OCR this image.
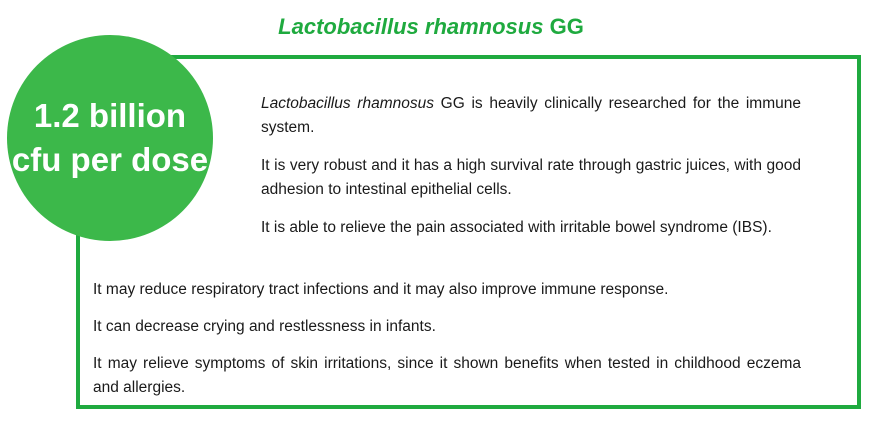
Lactobacillus rhamnosus GG
1.2 billion
cfu per dose

Lactobacillus rhamnosus GG is heavily clinically researched for the immune system.

It is very robust and it has a high survival rate through gastric juices, with good adhesion to intestinal epithelial cells.

It is able to relieve the pain associated with irritable bowel syndrome (IBS).

It may reduce respiratory tract infections and it may also improve immune response.

It can decrease crying and restlessness in infants.

It may relieve symptoms of skin irritations, since it shown benefits when tested in childhood eczema and allergies.
